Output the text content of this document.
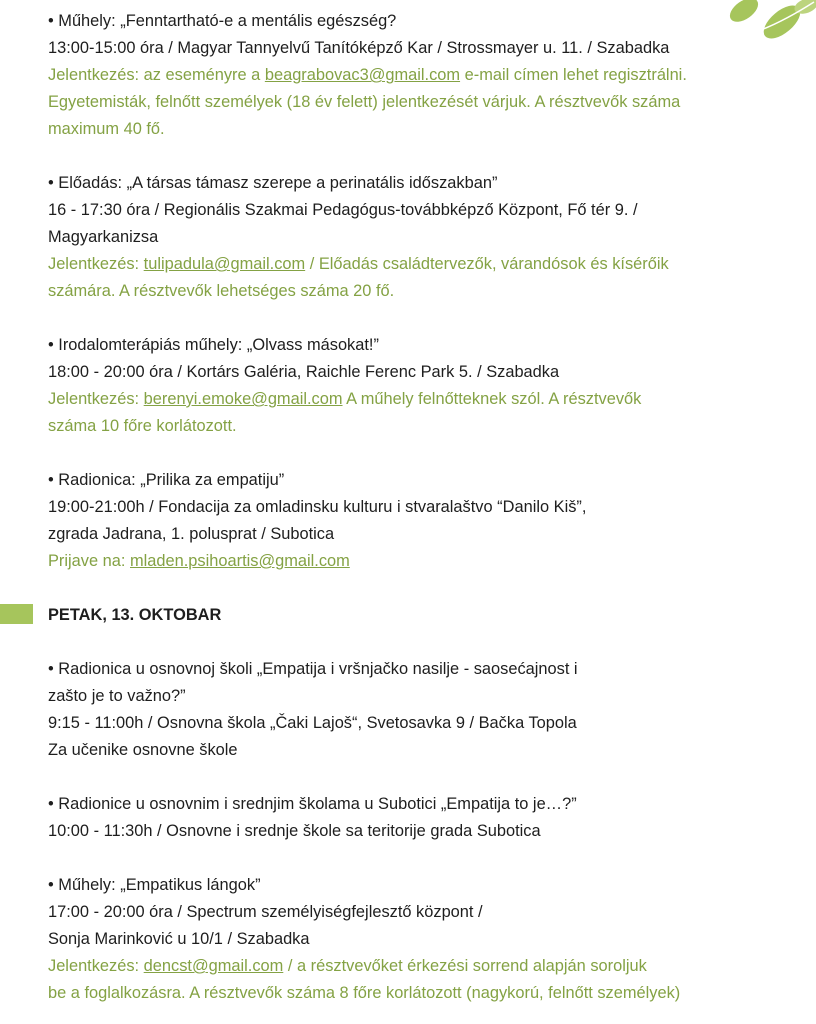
• Műhely: „Fenntartható-e a mentális egészség?
13:00-15:00 óra / Magyar Tannyelvű Tanítóképző Kar / Strossmayer u. 11. / Szabadka
Jelentkezés: az eseményre a beagrabovac3@gmail.com e-mail címen lehet regisztrálni.
Egyetemisták, felnőtt személyek (18 év felett) jelentkezését várjuk. A résztvevők száma
maximum 40 fő.
• Előadás: „A társas támasz szerepe a perinatális időszakban”
16 - 17:30 óra / Regionális Szakmai Pedagógus-továbbképző Központ, Fő tér 9. /
Magyarkanizsa
Jelentkezés: tulipadula@gmail.com / Előadás családtervezők, várandósok és kísérőik
számára. A résztvevők lehetséges száma 20 fő.
• Irodalomterápiás műhely: „Olvass másokat!”
18:00 - 20:00 óra / Kortárs Galéria, Raichle Ferenc Park 5. / Szabadka
Jelentkezés: berenyi.emoke@gmail.com A műhely felnőtteknek szól. A résztvevők
száma 10 főre korlátozott.
• Radionica: „Prilika za empatiju”
19:00-21:00h / Fondacija za omladinsku kulturu i stvaralaštvo “Danilo Kiš”,
zgrada Jadrana, 1. polusprat / Subotica
Prijave na: mladen.psihoartis@gmail.com
PETAK, 13. OKTOBAR
• Radionica u osnovnoj školi „Empatija i vršnjačko nasilje - saosećajnost i
zašto je to važno?”
9:15 - 11:00h / Osnovna škola „Čaki Lajoš“, Svetosavka 9 / Bačka Topola
Za učenike osnovne škole
• Radionice u osnovnim i srednjim školama u Subotici „Empatija to je…?”
10:00 - 11:30h / Osnovne i srednje škole sa teritorije grada Subotica
• Műhely: „Empatikus lángok”
17:00 - 20:00 óra / Spectrum személyiségfejlesztő központ /
Sonja Marinković u 10/1 / Szabadka
Jelentkezés: dencst@gmail.com / a résztvevőket érkezési sorrend alapján soroljuk
be a foglalkozásra. A résztvevők száma 8 főre korlátozott (nagykorú, felnőtt személyek)
